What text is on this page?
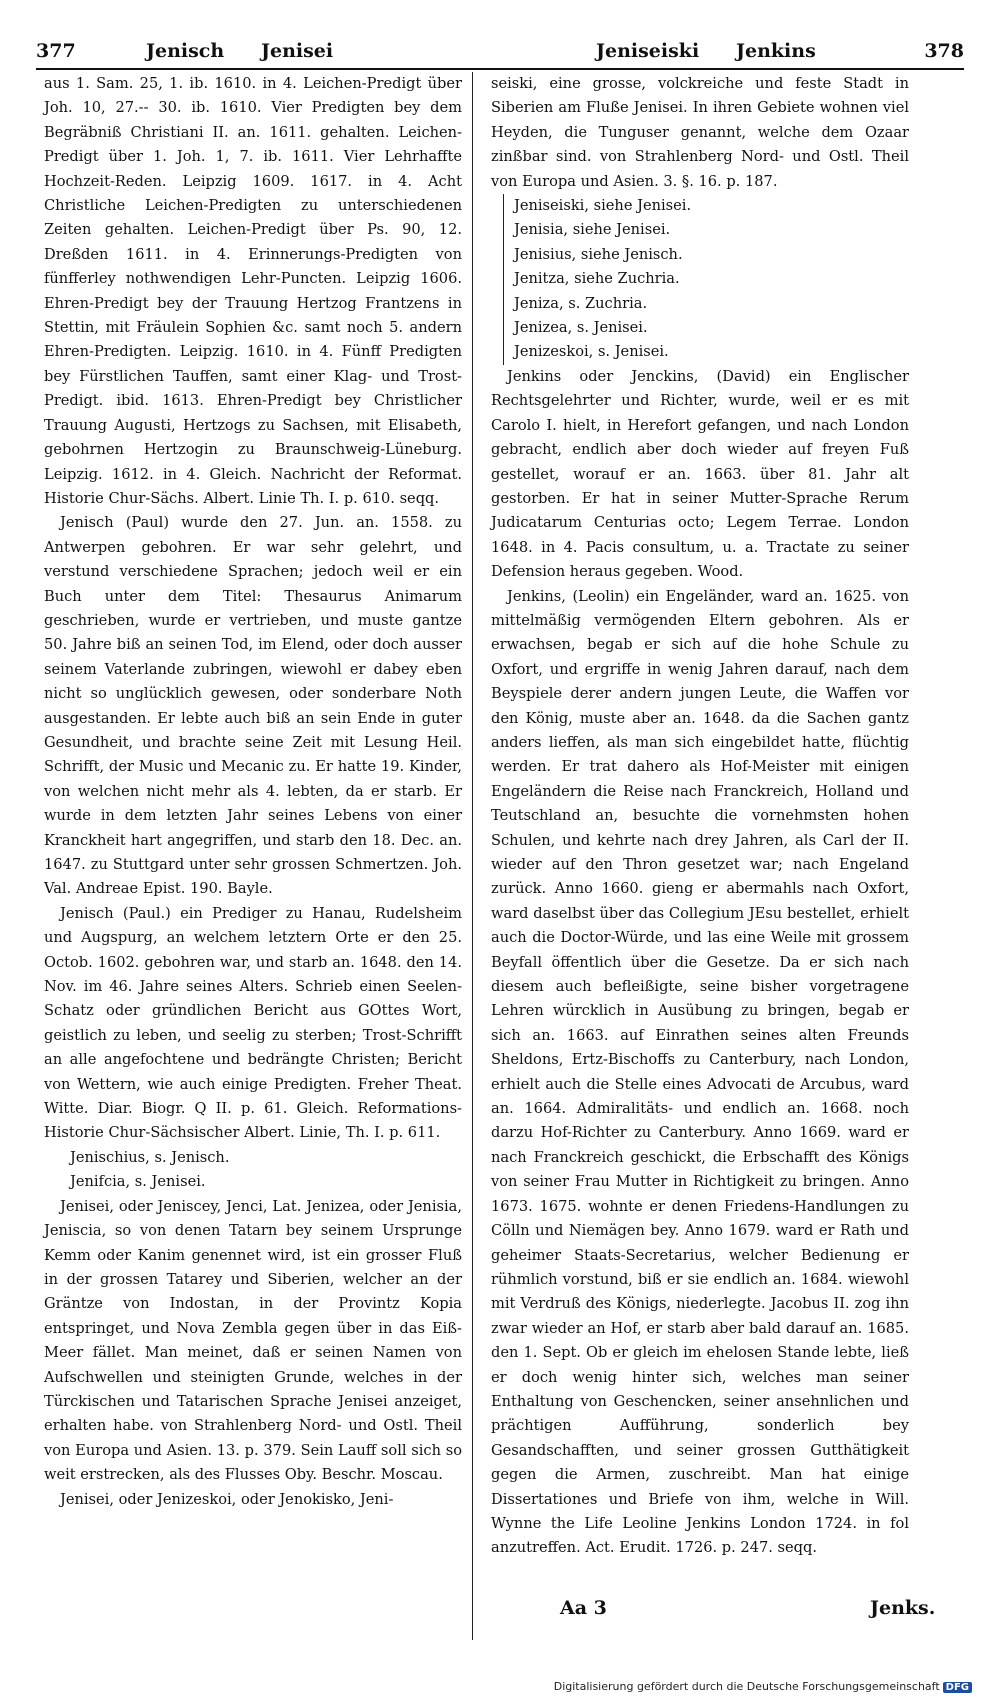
377	Jenisch Jenisei	Jeniseiski Jenkins	378

aus 1. Sam. 25, 1. ib. 1610. in 4. Leichen-Predigt über Joh. 10, 27.-- 30. ib. 1610. Vier Predigten bey dem Begräbniß Christiani II. an. 1611. gehalten. Leichen-Predigt über 1. Joh. 1, 7. ib. 1611. Vier Lehrhaffte Hochzeit-Reden. Leipzig 1609. 1617. in 4. Acht Christliche Leichen-Predigten zu unterschiedenen Zeiten gehalten. Leichen-Predigt über Ps. 90, 12. Dreßden 1611. in 4. Erinnerungs-Predigten von fünfferley nothwendigen Lehr-Puncten. Leipzig 1606. Ehren-Predigt bey der Trauung Hertzog Frantzens in Stettin, mit Fräulein Sophien &c. samt noch 5. andern Ehren-Predigten. Leipzig. 1610. in 4. Fünff Predigten bey Fürstlichen Tauffen, samt einer Klag- und Trost-Predigt. ibid. 1613. Ehren-Predigt bey Christlicher Trauung Augusti, Hertzogs zu Sachsen, mit Elisabeth, gebohrnen Hertzogin zu Braunschweig-Lüneburg. Leipzig. 1612. in 4. Gleich. Nachricht der Reformat. Historie Chur-Sächs. Albert. Linie Th. I. p. 610. seqq.

Jenisch (Paul) wurde den 27. Jun. an. 1558. zu Antwerpen gebohren. Er war sehr gelehrt, und verstund verschiedene Sprachen; jedoch weil er ein Buch unter dem Titel: Thesaurus Animarum geschrieben, wurde er vertrieben, und muste gantze 50. Jahre biß an seinen Tod, im Elend, oder doch ausser seinem Vaterlande zubringen, wiewohl er dabey eben nicht so unglücklich gewesen, oder sonderbare Noth ausgestanden. Er lebte auch biß an sein Ende in guter Gesundheit, und brachte seine Zeit mit Lesung Heil. Schrifft, der Music und Mecanic zu. Er hatte 19. Kinder, von welchen nicht mehr als 4. lebten, da er starb. Er wurde in dem letzten Jahr seines Lebens von einer Kranckheit hart angegriffen, und starb den 18. Dec. an. 1647. zu Stuttgard unter sehr grossen Schmertzen. Joh. Val. Andreae Epist. 190. Bayle.

Jenisch (Paul.) ein Prediger zu Hanau, Rudelsheim und Augspurg, an welchem letztern Orte er den 25. Octob. 1602. gebohren war, und starb an. 1648. den 14. Nov. im 46. Jahre seines Alters. Schrieb einen Seelen-Schatz oder gründlichen Bericht aus GOttes Wort, geistlich zu leben, und seelig zu sterben; Trost-Schrifft an alle angefochtene und bedrängte Christen; Bericht von Wettern, wie auch einige Predigten. Freher Theat. Witte. Diar. Biogr. Q II. p. 61. Gleich. Reformations-Historie Chur-Sächsischer Albert. Linie, Th. I. p. 611.

Jenischius, s. Jenisch.

Jenifcia, s. Jenisei.

Jenisei, oder Jeniscey, Jenci, Lat. Jenizea, oder Jenisia, Jeniscia, so von denen Tatarn bey seinem Ursprunge Kemm oder Kanim genennet wird, ist ein grosser Fluß in der grossen Tatarey und Siberien, welcher an der Gräntze von Indostan, in der Provintz Kopia entspringet, und Nova Zembla gegen über in das Eiß-Meer fället. Man meinet, daß er seinen Namen von Aufschwellen und steinigten Grunde, welches in der Türckischen und Tatarischen Sprache Jenisei anzeiget, erhalten habe. von Strahlenberg Nord- und Ostl. Theil von Europa und Asien. 13. p. 379. Sein Lauff soll sich so weit erstrecken, als des Flusses Oby. Beschr. Moscau.

Jenisei, oder Jenizeskoi, oder Jenokisko, Jeni-

seiski, eine grosse, volckreiche und feste Stadt in Siberien am Fluße Jenisei. In ihren Gebiete wohnen viel Heyden, die Tunguser genannt, welche dem Ozaar zinßbar sind. von Strahlenberg Nord- und Ostl. Theil von Europa und Asien. 3. §. 16. p. 187.

Jeniseiski, siehe Jenisei.

Jenisia, siehe Jenisei.

Jenisius, siehe Jenisch.

Jenitza, siehe Zuchria.

Jeniza, s. Zuchria.

Jenizea, s. Jenisei.

Jenizeskoi, s. Jenisei.

Jenkins oder Jenckins, (David) ein Englischer Rechtsgelehrter und Richter, wurde, weil er es mit Carolo I. hielt, in Herefort gefangen, und nach London gebracht, endlich aber doch wieder auf freyen Fuß gestellet, worauf er an. 1663. über 81. Jahr alt gestorben. Er hat in seiner Mutter-Sprache Rerum Judicatarum Centurias octo; Legem Terrae. London 1648. in 4. Pacis consultum, u. a. Tractate zu seiner Defension heraus gegeben. Wood.

Jenkins, (Leolin) ein Engeländer, ward an. 1625. von mittelmäßig vermögenden Eltern gebohren. Als er erwachsen, begab er sich auf die hohe Schule zu Oxfort, und ergriffe in wenig Jahren darauf, nach dem Beyspiele derer andern jungen Leute, die Waffen vor den König, muste aber an. 1648. da die Sachen gantz anders lieffen, als man sich eingebildet hatte, flüchtig werden. Er trat dahero als Hof-Meister mit einigen Engeländern die Reise nach Franckreich, Holland und Teutschland an, besuchte die vornehmsten hohen Schulen, und kehrte nach drey Jahren, als Carl der II. wieder auf den Thron gesetzet war; nach Engeland zurück. Anno 1660. gieng er abermahls nach Oxfort, ward daselbst über das Collegium JEsu bestellet, erhielt auch die Doctor-Würde, und las eine Weile mit grossem Beyfall öffentlich über die Gesetze. Da er sich nach diesem auch befleißigte, seine bisher vorgetragene Lehren würcklich in Ausübung zu bringen, begab er sich an. 1663. auf Einrathen seines alten Freunds Sheldons, Ertz-Bischoffs zu Canterbury, nach London, erhielt auch die Stelle eines Advocati de Arcubus, ward an. 1664. Admiralitäts- und endlich an. 1668. noch darzu Hof-Richter zu Canterbury. Anno 1669. ward er nach Franckreich geschickt, die Erbschafft des Königs von seiner Frau Mutter in Richtigkeit zu bringen. Anno 1673. 1675. wohnte er denen Friedens-Handlungen zu Cölln und Niemägen bey. Anno 1679. ward er Rath und geheimer Staats-Secretarius, welcher Bedienung er rühmlich vorstund, biß er sie endlich an. 1684. wiewohl mit Verdruß des Königs, niederlegte. Jacobus II. zog ihn zwar wieder an Hof, er starb aber bald darauf an. 1685. den 1. Sept. Ob er gleich im ehelosen Stande lebte, ließ er doch wenig hinter sich, welches man seiner Enthaltung von Geschencken, seiner ansehnlichen und prächtigen Aufführung, sonderlich bey Gesandschafften, und seiner grossen Gutthätigkeit gegen die Armen, zuschreibt. Man hat einige Dissertationes und Briefe von ihm, welche in Will. Wynne the Life Leoline Jenkins London 1724. in fol anzutreffen. Act. Erudit. 1726. p. 247. seqq.

Aa 3	Jenks.
Digitalisierung gefördert durch die Deutsche Forschungsgemeinschaft DFG
